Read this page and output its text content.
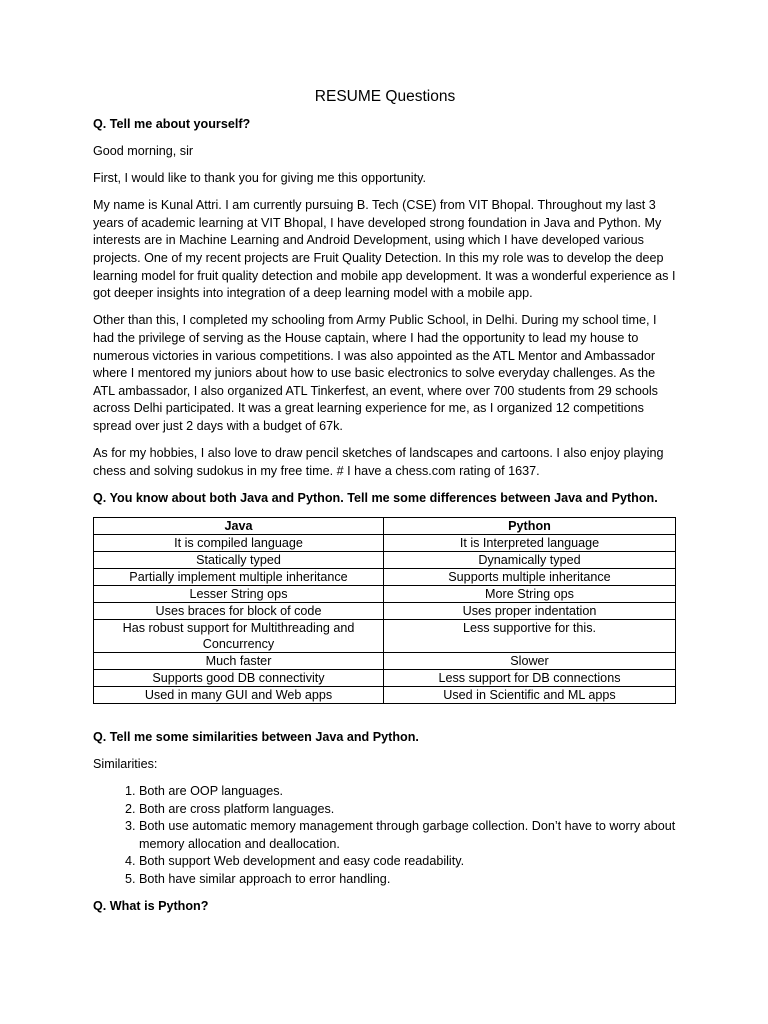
RESUME Questions
Q. Tell me about yourself?

Good morning, sir

First, I would like to thank you for giving me this opportunity.

My name is Kunal Attri. I am currently pursuing B. Tech (CSE) from VIT Bhopal. Throughout my last 3 years of academic learning at VIT Bhopal, I have developed strong foundation in Java and Python. My interests are in Machine Learning and Android Development, using which I have developed various projects. One of my recent projects are Fruit Quality Detection. In this my role was to develop the deep learning model for fruit quality detection and mobile app development. It was a wonderful experience as I got deeper insights into integration of a deep learning model with a mobile app.

Other than this, I completed my schooling from Army Public School, in Delhi. During my school time, I had the privilege of serving as the House captain, where I had the opportunity to lead my house to numerous victories in various competitions. I was also appointed as the ATL Mentor and Ambassador where I mentored my juniors about how to use basic electronics to solve everyday challenges. As the ATL ambassador, I also organized ATL Tinkerfest, an event, where over 700 students from 29 schools across Delhi participated. It was a great learning experience for me, as I organized 12 competitions spread over just 2 days with a budget of 67k.

As for my hobbies, I also love to draw pencil sketches of landscapes and cartoons. I also enjoy playing chess and solving sudokus in my free time. # I have a chess.com rating of 1637.

Q. You know about both Java and Python. Tell me some differences between Java and Python.
Java	Python
It is compiled language	It is Interpreted language
Statically typed	Dynamically typed
Partially implement multiple inheritance	Supports multiple inheritance
Lesser String ops	More String ops
Uses braces for block of code	Uses proper indentation
Has robust support for Multithreading and Concurrency	Less supportive for this.
Much faster	Slower
Supports good DB connectivity	Less support for DB connections
Used in many GUI and Web apps	Used in Scientific and ML apps
Q. Tell me some similarities between Java and Python.

Similarities:

1. Both are OOP languages.
2. Both are cross platform languages.
3. Both use automatic memory management through garbage collection. Don’t have to worry about memory allocation and deallocation.
4. Both support Web development and easy code readability.
5. Both have similar approach to error handling.
Q. What is Python?
